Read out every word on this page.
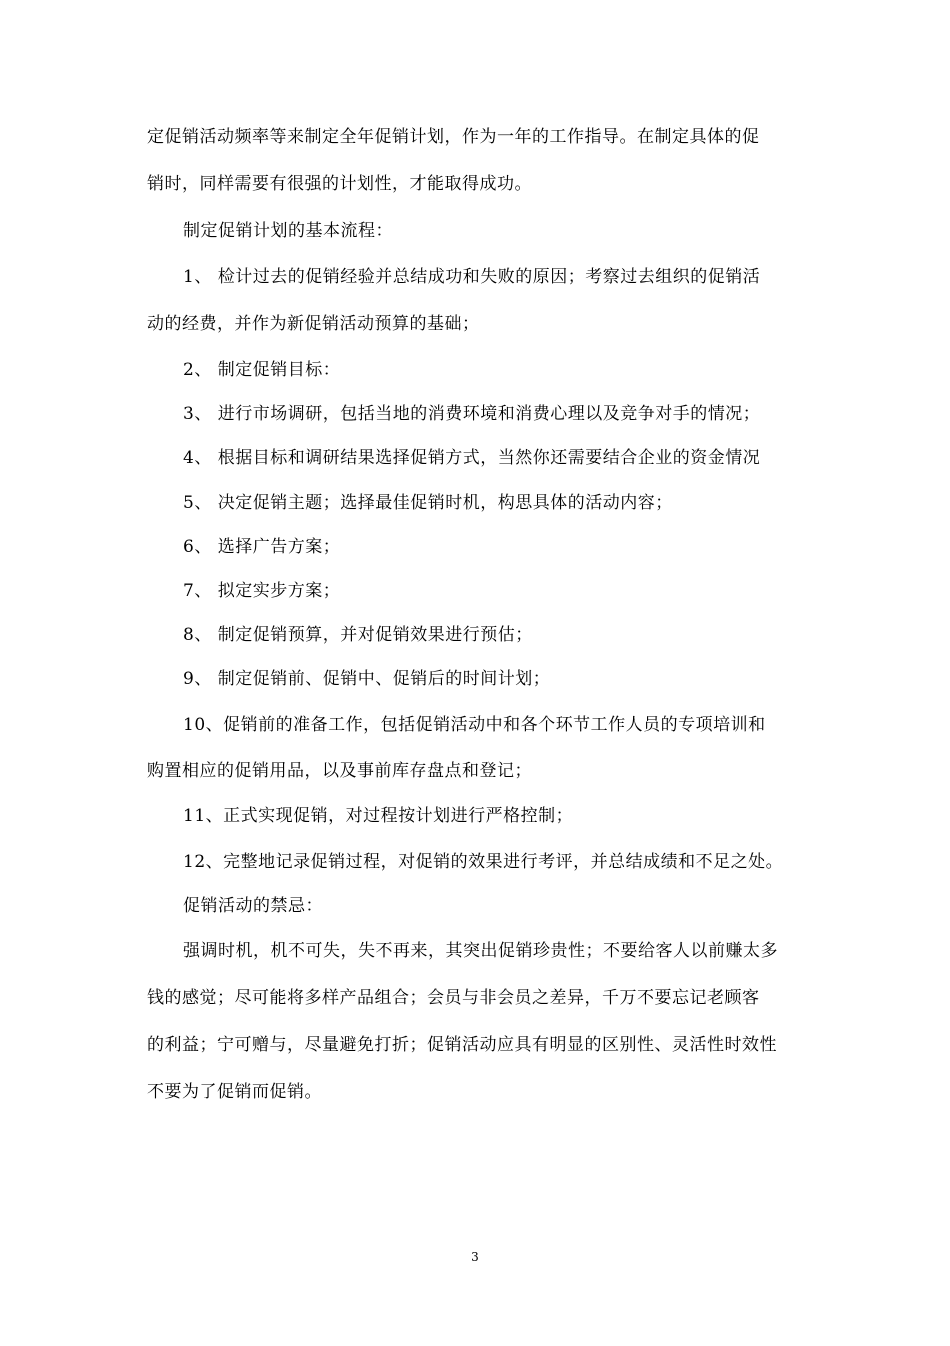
定促销活动频率等来制定全年促销计划，作为一年的工作指导。在制定具体的促
销时，同样需要有很强的计划性，才能取得成功。
制定促销计划的基本流程：
1、 检计过去的促销经验并总结成功和失败的原因；考察过去组织的促销活
动的经费，并作为新促销活动预算的基础；
2、 制定促销目标：
3、 进行市场调研，包括当地的消费环境和消费心理以及竞争对手的情况；
4、 根据目标和调研结果选择促销方式，当然你还需要结合企业的资金情况
5、 决定促销主题；选择最佳促销时机，构思具体的活动内容；
6、 选择广告方案；
7、 拟定实步方案；
8、 制定促销预算，并对促销效果进行预估；
9、 制定促销前、促销中、促销后的时间计划；
10、促销前的准备工作，包括促销活动中和各个环节工作人员的专项培训和
购置相应的促销用品，以及事前库存盘点和登记；
11、正式实现促销，对过程按计划进行严格控制；
12、完整地记录促销过程，对促销的效果进行考评，并总结成绩和不足之处。
促销活动的禁忌：
强调时机，机不可失，失不再来，其突出促销珍贵性；不要给客人以前赚太多
钱的感觉；尽可能将多样产品组合；会员与非会员之差异，千万不要忘记老顾客
的利益；宁可赠与，尽量避免打折；促销活动应具有明显的区别性、灵活性时效性
不要为了促销而促销。
3
